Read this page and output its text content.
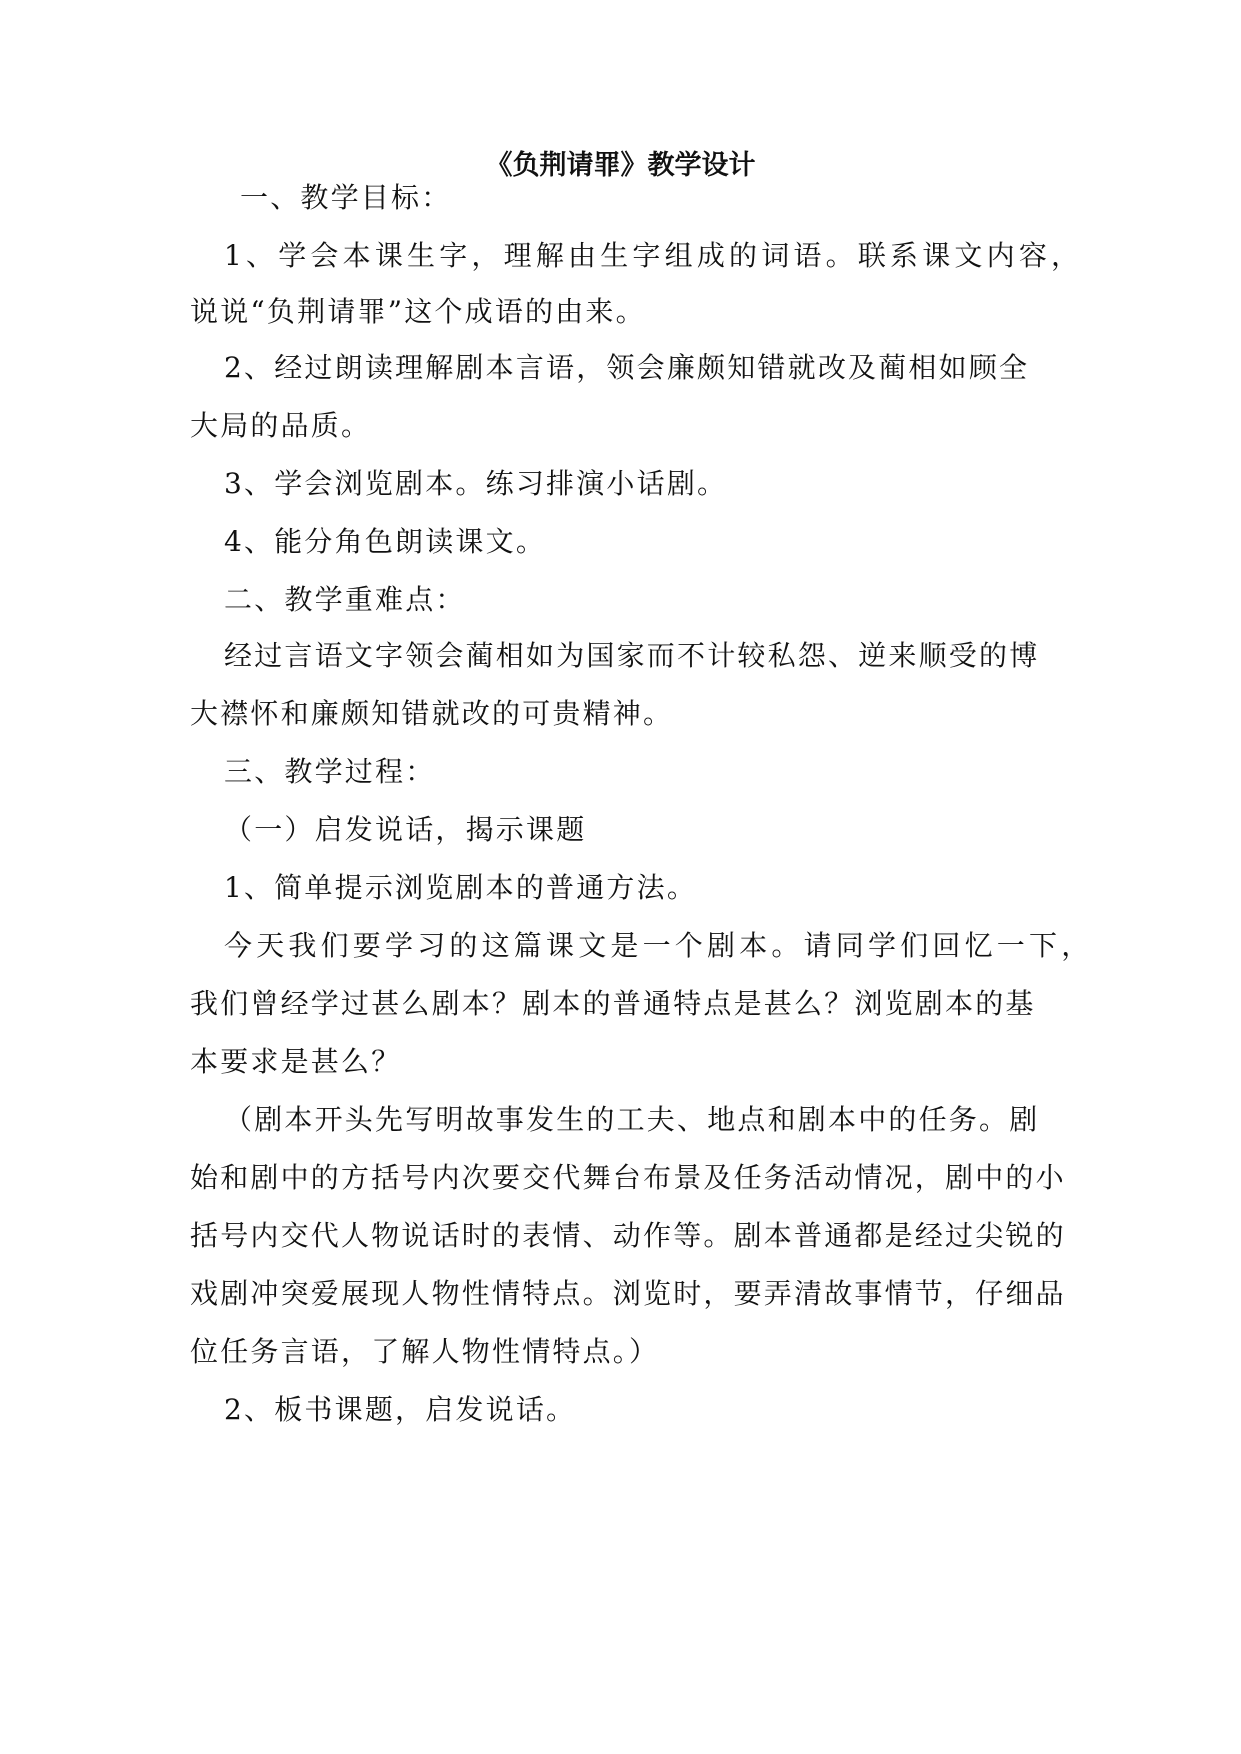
《负荆请罪》教学设计
一、教学目标：
1、学会本课生字，理解由生字组成的词语。联系课文内容，
说说“负荆请罪”这个成语的由来。
2、经过朗读理解剧本言语，领会廉颇知错就改及蔺相如顾全
大局的品质。
3、学会浏览剧本。练习排演小话剧。
4、能分角色朗读课文。
二、教学重难点：
经过言语文字领会蔺相如为国家而不计较私怨、逆来顺受的博
大襟怀和廉颇知错就改的可贵精神。
三、教学过程：
（一）启发说话，揭示课题
1、简单提示浏览剧本的普通方法。
今天我们要学习的这篇课文是一个剧本。请同学们回忆一下，
我们曾经学过甚么剧本？剧本的普通特点是甚么？浏览剧本的基
本要求是甚么？
（剧本开头先写明故事发生的工夫、地点和剧本中的任务。剧
始和剧中的方括号内次要交代舞台布景及任务活动情况，剧中的小
括号内交代人物说话时的表情、动作等。剧本普通都是经过尖锐的
戏剧冲突爱展现人物性情特点。浏览时，要弄清故事情节，仔细品
位任务言语，了解人物性情特点。）
2、板书课题，启发说话。
